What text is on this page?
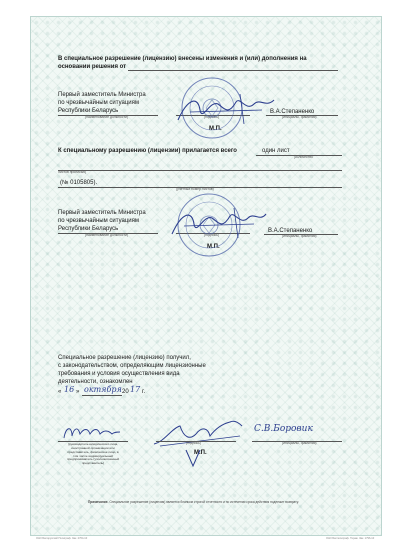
В специальное разрешение (лицензию) внесены изменения и (или) дополнения на
основании решения от
Первый заместитель Министра
по чрезвычайным ситуациям
Республики Беларусь
(наименование должности)	(подпись)
В.А.Степаненко
(инициалы, фамилия)
М.П.
К специальному разрешению (лицензии) прилагается всего	один лист
(количество
листов прописью)
(№ 0105805).
(учетный номер листов)
Первый заместитель Министра
по чрезвычайным ситуациям
Республики Беларусь
(наименование должности)	(подпись)
В.А.Степаненко
(инициалы, фамилия)
М.П.
Специальное разрешение (лицензию) получил,
с законодательством, определяющим лицензионные
требования и условия осуществления вида
деятельности, ознакомлен
« 16 » октября 20 17 г.
(руководитель юридического лица,
иностранной организации или
представитель, физическое лицо, в
том числе индивидуальный
предприниматель (уполномоченный
представитель)
(подпись)
М.П.
С.В.Боровик
(инициалы, фамилия)
Примечание. Специальное разрешение (лицензия) является бланком строгой отчетности и по истечении срока действия подлежит возврату.
ОАО Белорусский Полиграф. Зак. 2764-10	ОАО Белполиграф. Тираж. Зак. 1796-10
